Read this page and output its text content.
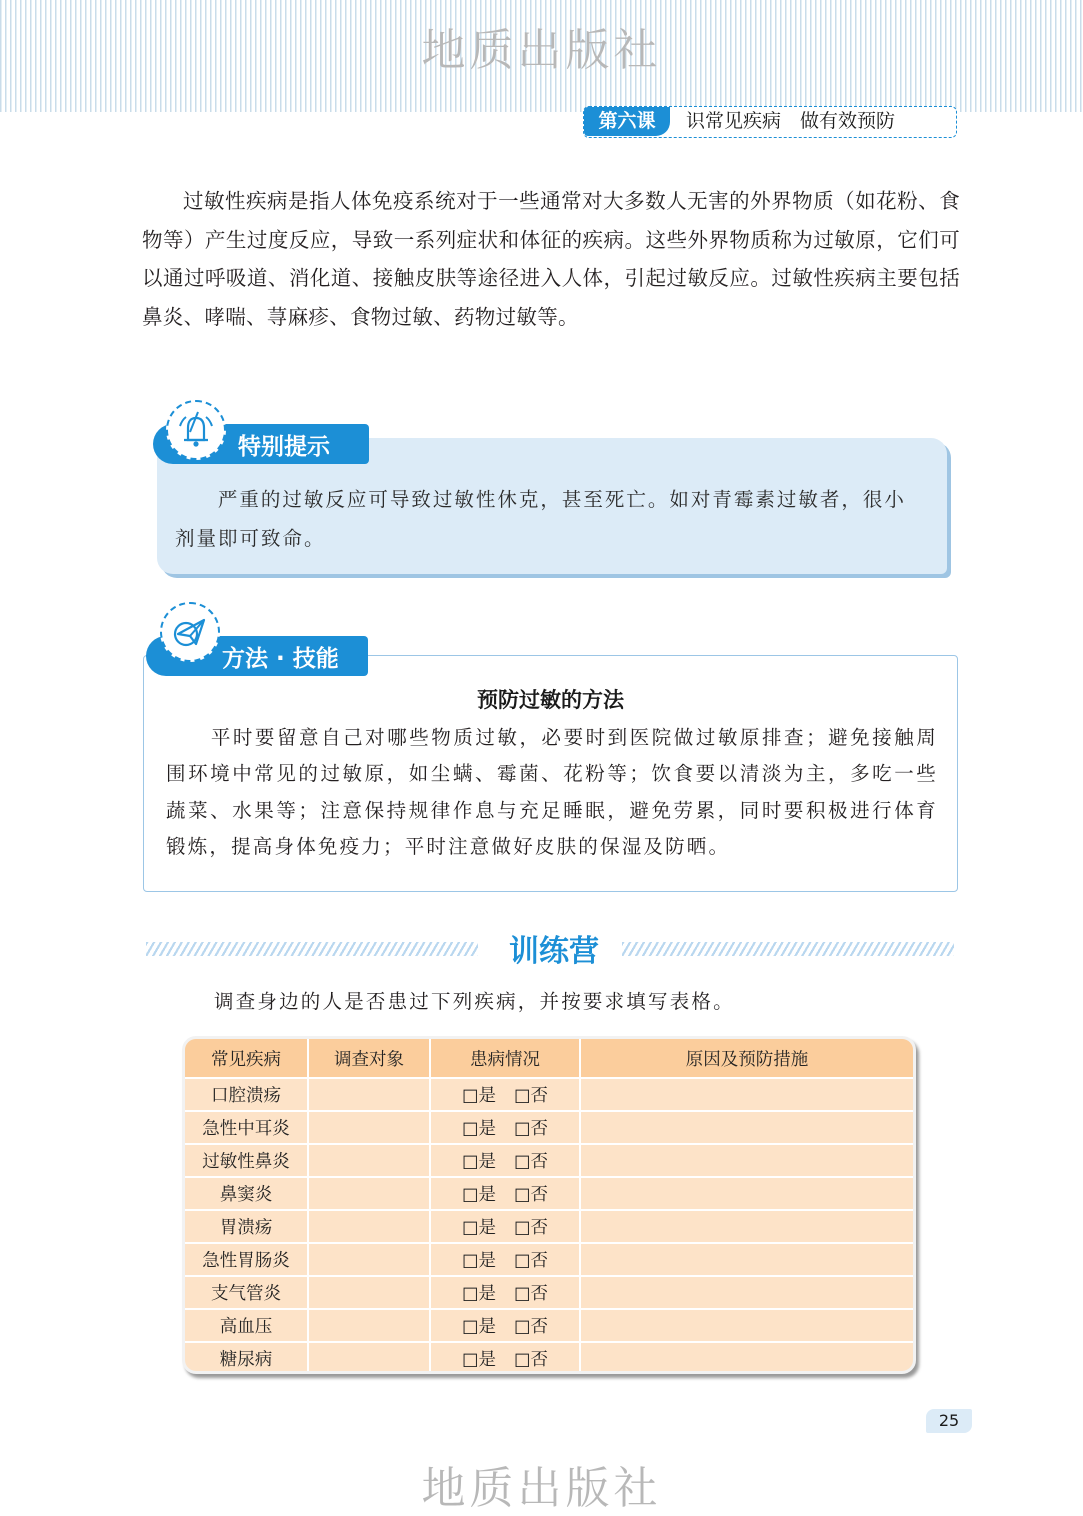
地质出版社
第六课	识常见疾病　做有效预防
过敏性疾病是指人体免疫系统对于一些通常对大多数人无害的外界物质（如花粉、食物等）产生过度反应，导致一系列症状和体征的疾病。这些外界物质称为过敏原，它们可以通过呼吸道、消化道、接触皮肤等途径进入人体，引起过敏反应。过敏性疾病主要包括鼻炎、哮喘、荨麻疹、食物过敏、药物过敏等。
特别提示
严重的过敏反应可导致过敏性休克，甚至死亡。如对青霉素过敏者，很小剂量即可致命。
方法 · 技能
预防过敏的方法
平时要留意自己对哪些物质过敏，必要时到医院做过敏原排查；避免接触周围环境中常见的过敏原，如尘螨、霉菌、花粉等；饮食要以清淡为主，多吃一些蔬菜、水果等；注意保持规律作息与充足睡眠，避免劳累，同时要积极进行体育锻炼，提高身体免疫力；平时注意做好皮肤的保湿及防晒。
训练营
调查身边的人是否患过下列疾病，并按要求填写表格。
常见疾病	调查对象	患病情况	原因及预防措施
口腔溃疡		□是 □否	
急性中耳炎		□是 □否	
过敏性鼻炎		□是 □否	
鼻窦炎		□是 □否	
胃溃疡		□是 □否	
急性胃肠炎		□是 □否	
支气管炎		□是 □否	
高血压		□是 □否	
糖尿病		□是 □否	
25
地质出版社
